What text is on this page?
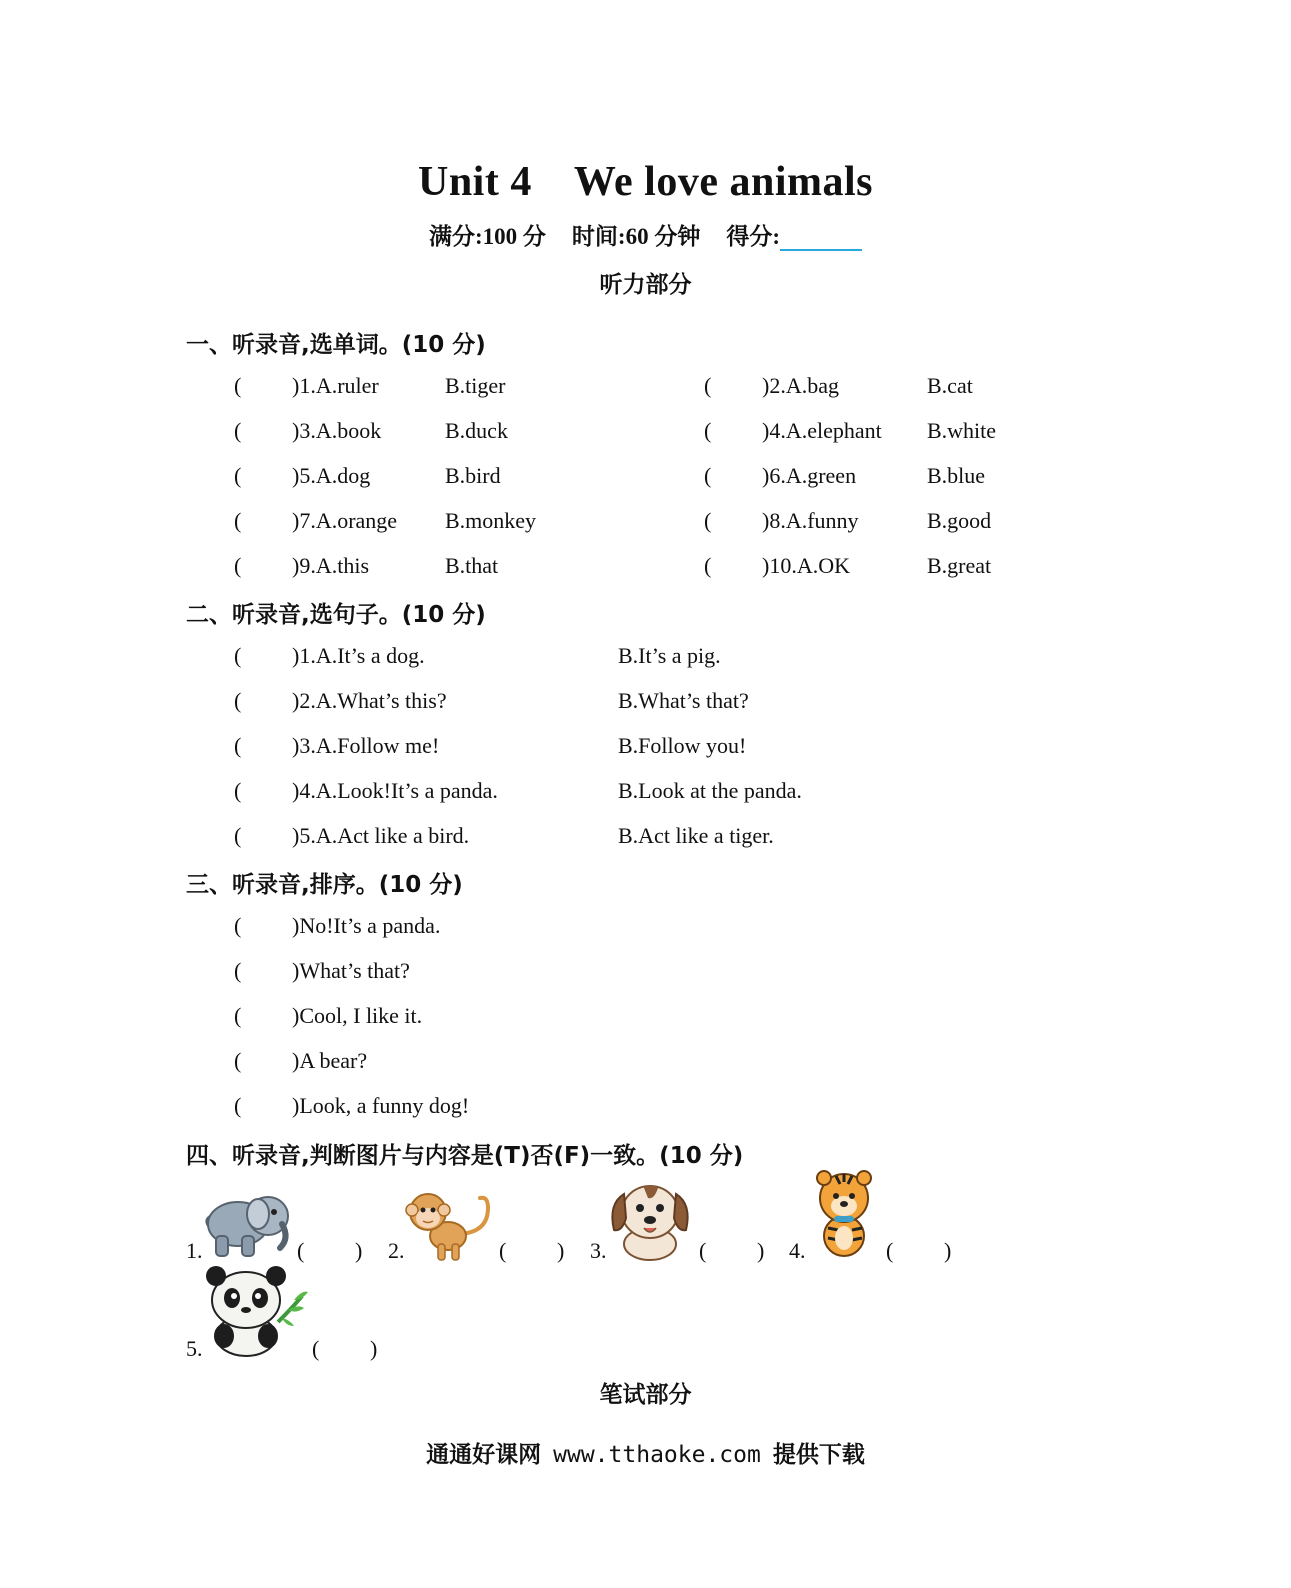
Unit 4 We love animals
满分:100 分 时间:60 分钟 得分:
听力部分
一、听录音,选单词。(10 分)
( )1.A.ruler	B.tiger	( )2.A.bag	B.cat
( )3.A.book	B.duck	( )4.A.elephant B.white
( )5.A.dog	B.bird	( )6.A.green	B.blue
( )7.A.orange B.monkey	( )8.A.funny	B.good
( )9.A.this	B.that	( )10.A.OK	B.great
二、听录音,选句子。(10 分)
( )1.A.It’s a dog.	B.It’s a pig.
( )2.A.What’s this?	B.What’s that?
( )3.A.Follow me!	B.Follow you!
( )4.A.Look!It’s a panda.	B.Look at the panda.
( )5.A.Act like a bird.	B.Act like a tiger.
三、听录音,排序。(10 分)
( )No!It’s a panda.
( )What’s that?
( )Cool, I like it.
( )A bear?
( )Look, a funny dog!
四、听录音,判断图片与内容是(T)否(F)一致。(10 分)
1.	( ) 2.	( ) 3.	( ) 4.	( )
5.	( )
笔试部分
通通好课网 www.tthaoke.com 提供下载
